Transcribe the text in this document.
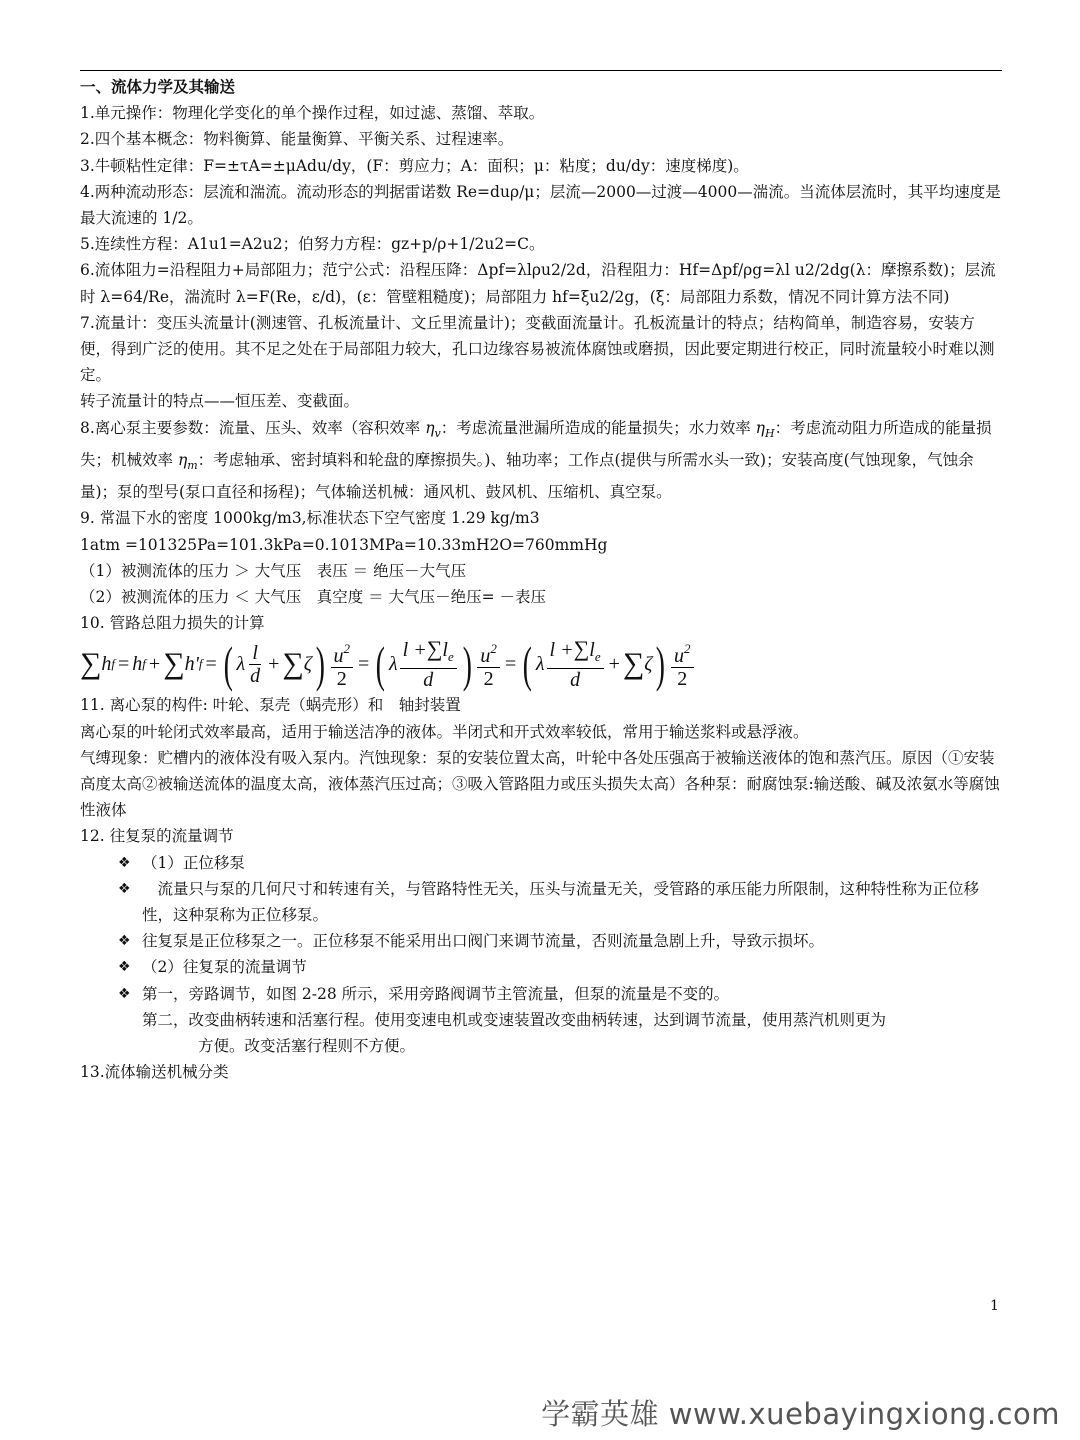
一、流体力学及其输送

1.单元操作：物理化学变化的单个操作过程，如过滤、蒸馏、萃取。

2.四个基本概念：物料衡算、能量衡算、平衡关系、过程速率。

3.牛顿粘性定律：F=±τA=±μAdu/dy，(F：剪应力；A：面积；μ：粘度；du/dy：速度梯度)。

4.两种流动形态：层流和湍流。流动形态的判据雷诺数 Re=duρ/μ；层流—2000—过渡—4000—湍流。当流体层流时，其平均速度是最大流速的 1/2。

5.连续性方程：A1u1=A2u2；伯努力方程：gz+p/ρ+1/2u2=C。

6.流体阻力=沿程阻力+局部阻力；范宁公式：沿程压降：Δpf=λlρu2/2d，沿程阻力：Hf=Δpf/ρg=λl u2/2dg(λ：摩擦系数)；层流时 λ=64/Re，湍流时 λ=F(Re，ε/d)，(ε：管壁粗糙度)；局部阻力 hf=ξu2/2g，(ξ：局部阻力系数，情况不同计算方法不同)

7.流量计：变压头流量计(测速管、孔板流量计、文丘里流量计)；变截面流量计。孔板流量计的特点；结构简单，制造容易，安装方便，得到广泛的使用。其不足之处在于局部阻力较大，孔口边缘容易被流体腐蚀或磨损，因此要定期进行校正，同时流量较小时难以测定。

转子流量计的特点——恒压差、变截面。

8.离心泵主要参数：流量、压头、效率（容积效率 $\eta_v$：考虑流量泄漏所造成的能量损失；水力效率 $\eta_H$：考虑流动阻力所造成的能量损失；机械效率 $\eta_m$：考虑轴承、密封填料和轮盘的摩擦损失。)、轴功率；工作点(提供与所需水头一致)；安装高度(气蚀现象，气蚀余量)；泵的型号(泵口直径和扬程)；气体输送机械：通风机、鼓风机、压缩机、真空泵。

9. 常温下水的密度 1000kg/m3,标准状态下空气密度 1.29 kg/m3

1atm =101325Pa=101.3kPa=0.1013MPa=10.33mH2O=760mmHg

（1）被测流体的压力 ＞ 大气压　表压 ＝ 绝压－大气压

（2）被测流体的压力 ＜ 大气压　真空度 ＝ 大气压－绝压= －表压

10. 管路总阻力损失的计算

∑ h f = h f + ∑ h' f = ( λ $\frac{l}{d}$ + ∑ ζ ) $\frac{u^2}{2}$ = ( λ $\frac{l +\sum l_e}{d}$ ) $\frac{u^2}{2}$ = ( λ $\frac{l +\sum l_e}{d}$ + ∑ ζ ) $\frac{u^2}{2}$

11. 离心泵的构件: 叶轮、泵壳（蜗壳形）和　轴封装置

离心泵的叶轮闭式效率最高，适用于输送洁净的液体。半闭式和开式效率较低，常用于输送浆料或悬浮液。

气缚现象：贮槽内的液体没有吸入泵内。汽蚀现象：泵的安装位置太高，叶轮中各处压强高于被输送液体的饱和蒸汽压。原因（①安装高度太高②被输送流体的温度太高，液体蒸汽压过高；③吸入管路阻力或压头损失太高）各种泵：耐腐蚀泵:输送酸、碱及浓氨水等腐蚀性液体

12. 往复泵的流量调节

❖ （1）正位移泵
❖ 　流量只与泵的几何尺寸和转速有关，与管路特性无关，压头与流量无关，受管路的承压能力所限制，这种特性称为正位移性，这种泵称为正位移泵。
❖ 往复泵是正位移泵之一。正位移泵不能采用出口阀门来调节流量，否则流量急剧上升，导致示损坏。
❖ （2）往复泵的流量调节
❖ 第一，旁路调节，如图 2-28 所示，采用旁路阀调节主管流量，但泵的流量是不变的。

第二，改变曲柄转速和活塞行程。使用变速电机或变速装置改变曲柄转速，达到调节流量，使用蒸汽机则更为

方便。改变活塞行程则不方便。

13.流体输送机械分类

1
学霸英雄 www.xuebayingxiong.com
